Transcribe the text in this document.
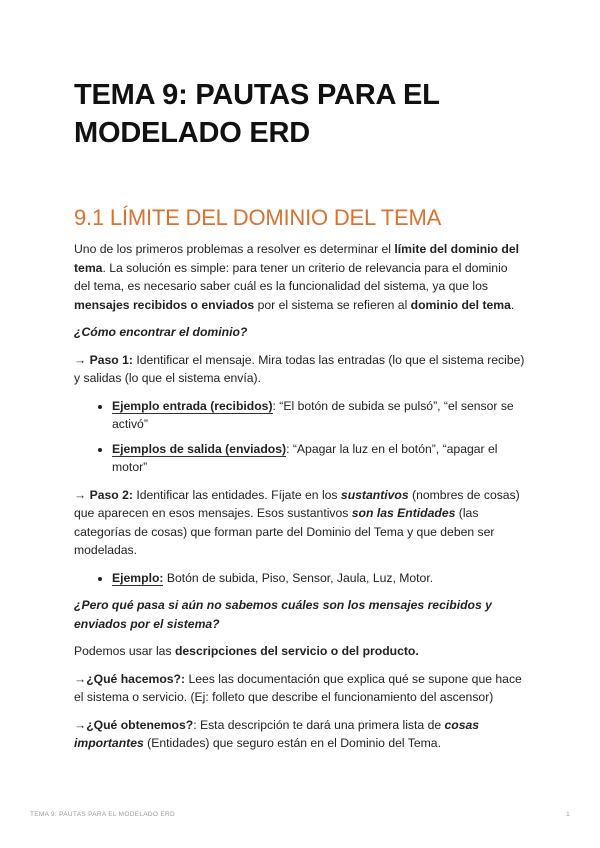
TEMA 9: PAUTAS PARA EL MODELADO ERD
9.1 LÍMITE DEL DOMINIO DEL TEMA

Uno de los primeros problemas a resolver es determinar el límite del dominio del tema. La solución es simple: para tener un criterio de relevancia para el dominio del tema, es necesario saber cuál es la funcionalidad del sistema, ya que los mensajes recibidos o enviados por el sistema se refieren al dominio del tema.

¿Cómo encontrar el dominio?

→ Paso 1: Identificar el mensaje. Mira todas las entradas (lo que el sistema recibe) y salidas (lo que el sistema envía).

• Ejemplo entrada (recibidos): “El botón de subida se pulsó”, “el sensor se activó”
• Ejemplos de salida (enviados): “Apagar la luz en el botón”, “apagar el motor”

→ Paso 2: Identificar las entidades. Fíjate en los sustantivos (nombres de cosas) que aparecen en esos mensajes. Esos sustantivos son las Entidades (las categorías de cosas) que forman parte del Dominio del Tema y que deben ser modeladas.

• Ejemplo: Botón de subida, Piso, Sensor, Jaula, Luz, Motor.

¿Pero qué pasa si aún no sabemos cuáles son los mensajes recibidos y enviados por el sistema?

Podemos usar las descripciones del servicio o del producto.

→¿Qué hacemos?: Lees las documentación que explica qué se supone que hace el sistema o servicio. (Ej: folleto que describe el funcionamiento del ascensor)

→¿Qué obtenemos?: Esta descripción te dará una primera lista de cosas importantes (Entidades) que seguro están en el Dominio del Tema.

TEMA 9: PAUTAS PARA EL MODELADO ERD	1
